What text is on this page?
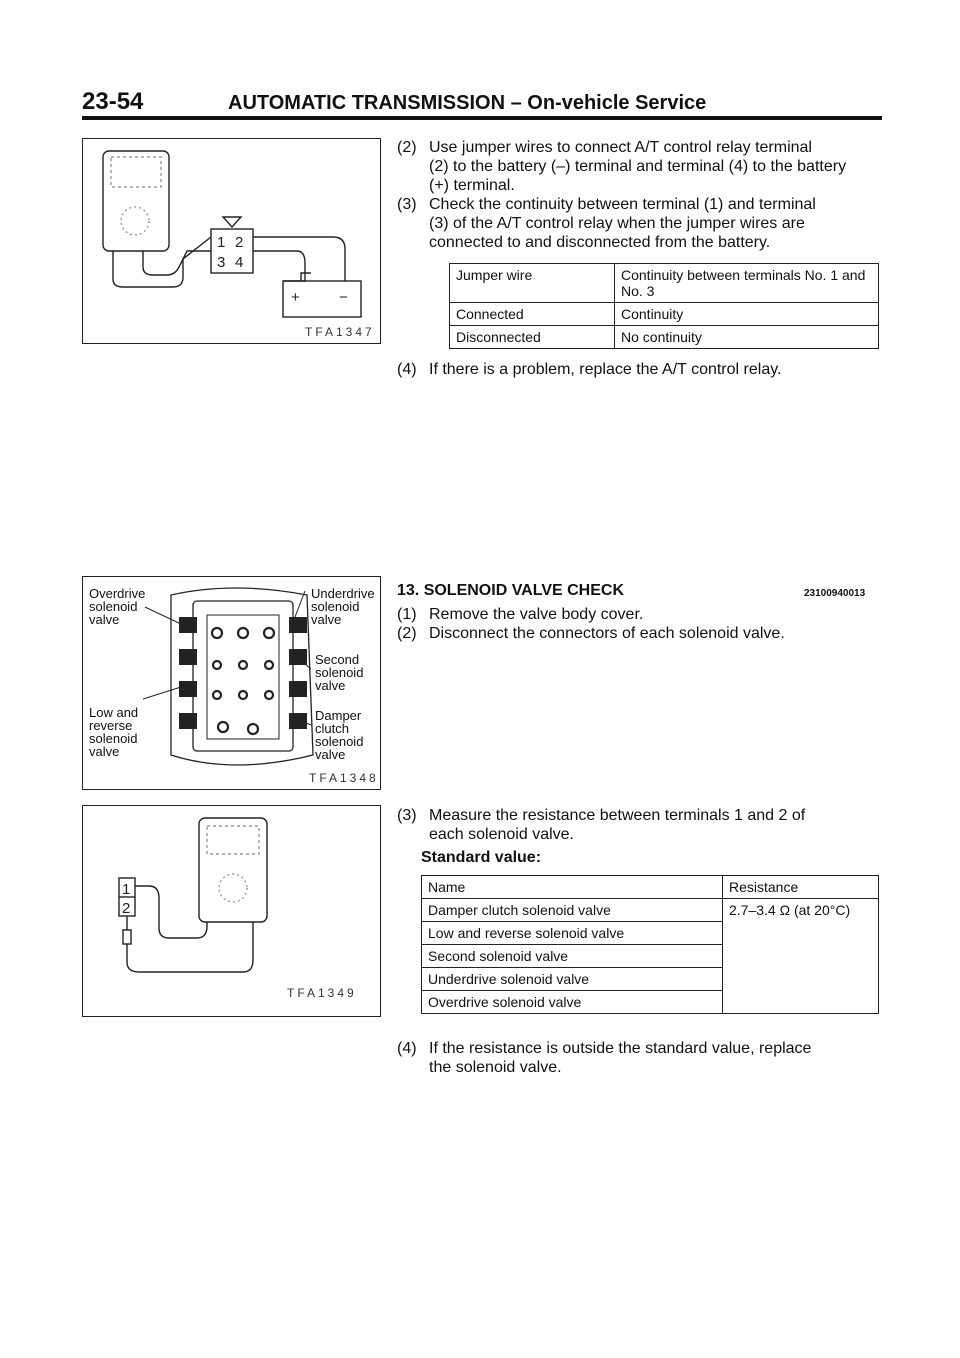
23-54	AUTOMATIC TRANSMISSION – On-vehicle Service
1 2
3 4
+	−
TFA1347
Overdrive
solenoid
valve
Underdrive
solenoid
valve
Second
solenoid
valve
Low and
reverse
solenoid
valve
Damper
clutch
solenoid
valve
TFA1348
1
2
TFA1349
(2) Use jumper wires to connect A/T control relay terminal
(2) to the battery (–) terminal and terminal (4) to the battery
(+) terminal.
(3) Check the continuity between terminal (1) and terminal
(3) of the A/T control relay when the jumper wires are
connected to and disconnected from the battery.
Jumper wire	Continuity between terminals No. 1 and No. 3
Connected	Continuity
Disconnected	No continuity
(4) If there is a problem, replace the A/T control relay.
13. SOLENOID VALVE CHECK	23100940013
(1) Remove the valve body cover.
(2) Disconnect the connectors of each solenoid valve.
(3) Measure the resistance between terminals 1 and 2 of
each solenoid valve.
Standard value:
Name	Resistance
Damper clutch solenoid valve	2.7–3.4 Ω (at 20°C)
Low and reverse solenoid valve	
Second solenoid valve	
Underdrive solenoid valve	
Overdrive solenoid valve	
(4) If the resistance is outside the standard value, replace
the solenoid valve.
